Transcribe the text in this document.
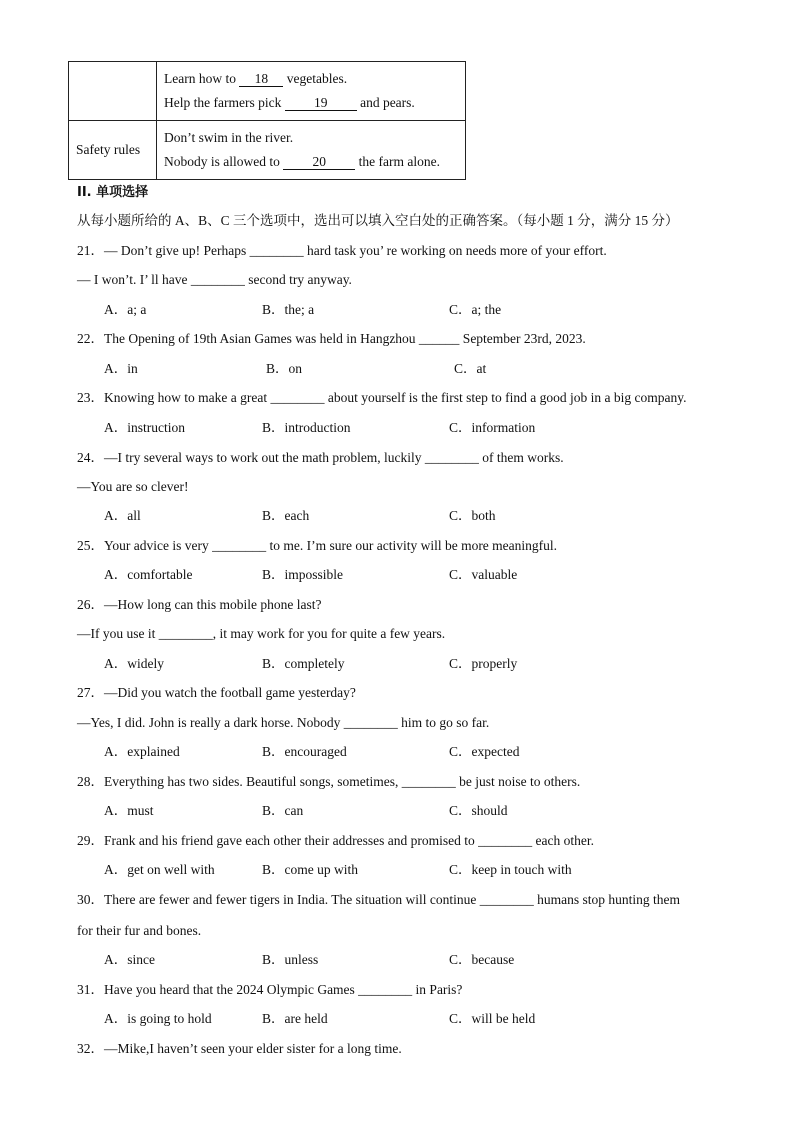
	Learn how to 18 vegetables.
Help the farmers pick 19 and pears.

Safety rules	Don’t swim in the river.
Nobody is allowed to 20 the farm alone.
II. 单项选择
从每小题所给的 A、B、C 三个选项中，选出可以填入空白处的正确答案。（每小题 1 分，满分 15 分）
21．— Don’t give up! Perhaps ________ hard task you’ re working on needs more of your effort.
— I won’t. I’ ll have ________ second try anyway.
A．a; a	B．the; a	C．a; the
22．The Opening of 19th Asian Games was held in Hangzhou ______ September 23rd, 2023.
A．in	B．on	C．at
23．Knowing how to make a great ________ about yourself is the first step to find a good job in a big company.
A．instruction	B．introduction	C．information
24．—I try several ways to work out the math problem, luckily ________ of them works.
—You are so clever!
A．all	B．each	C．both
25．Your advice is very ________ to me. I’m sure our activity will be more meaningful.
A．comfortable	B．impossible	C．valuable
26．—How long can this mobile phone last?
—If you use it ________, it may work for you for quite a few years.
A．widely	B．completely	C．properly
27．—Did you watch the football game yesterday?
—Yes, I did. John is really a dark horse. Nobody ________ him to go so far.
A．explained	B．encouraged	C．expected
28．Everything has two sides. Beautiful songs, sometimes, ________ be just noise to others.
A．must	B．can	C．should
29．Frank and his friend gave each other their addresses and promised to ________ each other.
A．get on well with	B．come up with	C．keep in touch with
30．There are fewer and fewer tigers in India. The situation will continue ________ humans stop hunting them
for their fur and bones.
A．since	B．unless	C．because
31．Have you heard that the 2024 Olympic Games ________ in Paris?
A．is going to hold	B．are held	C．will be held
32．—Mike,I haven’t seen your elder sister for a long time.
